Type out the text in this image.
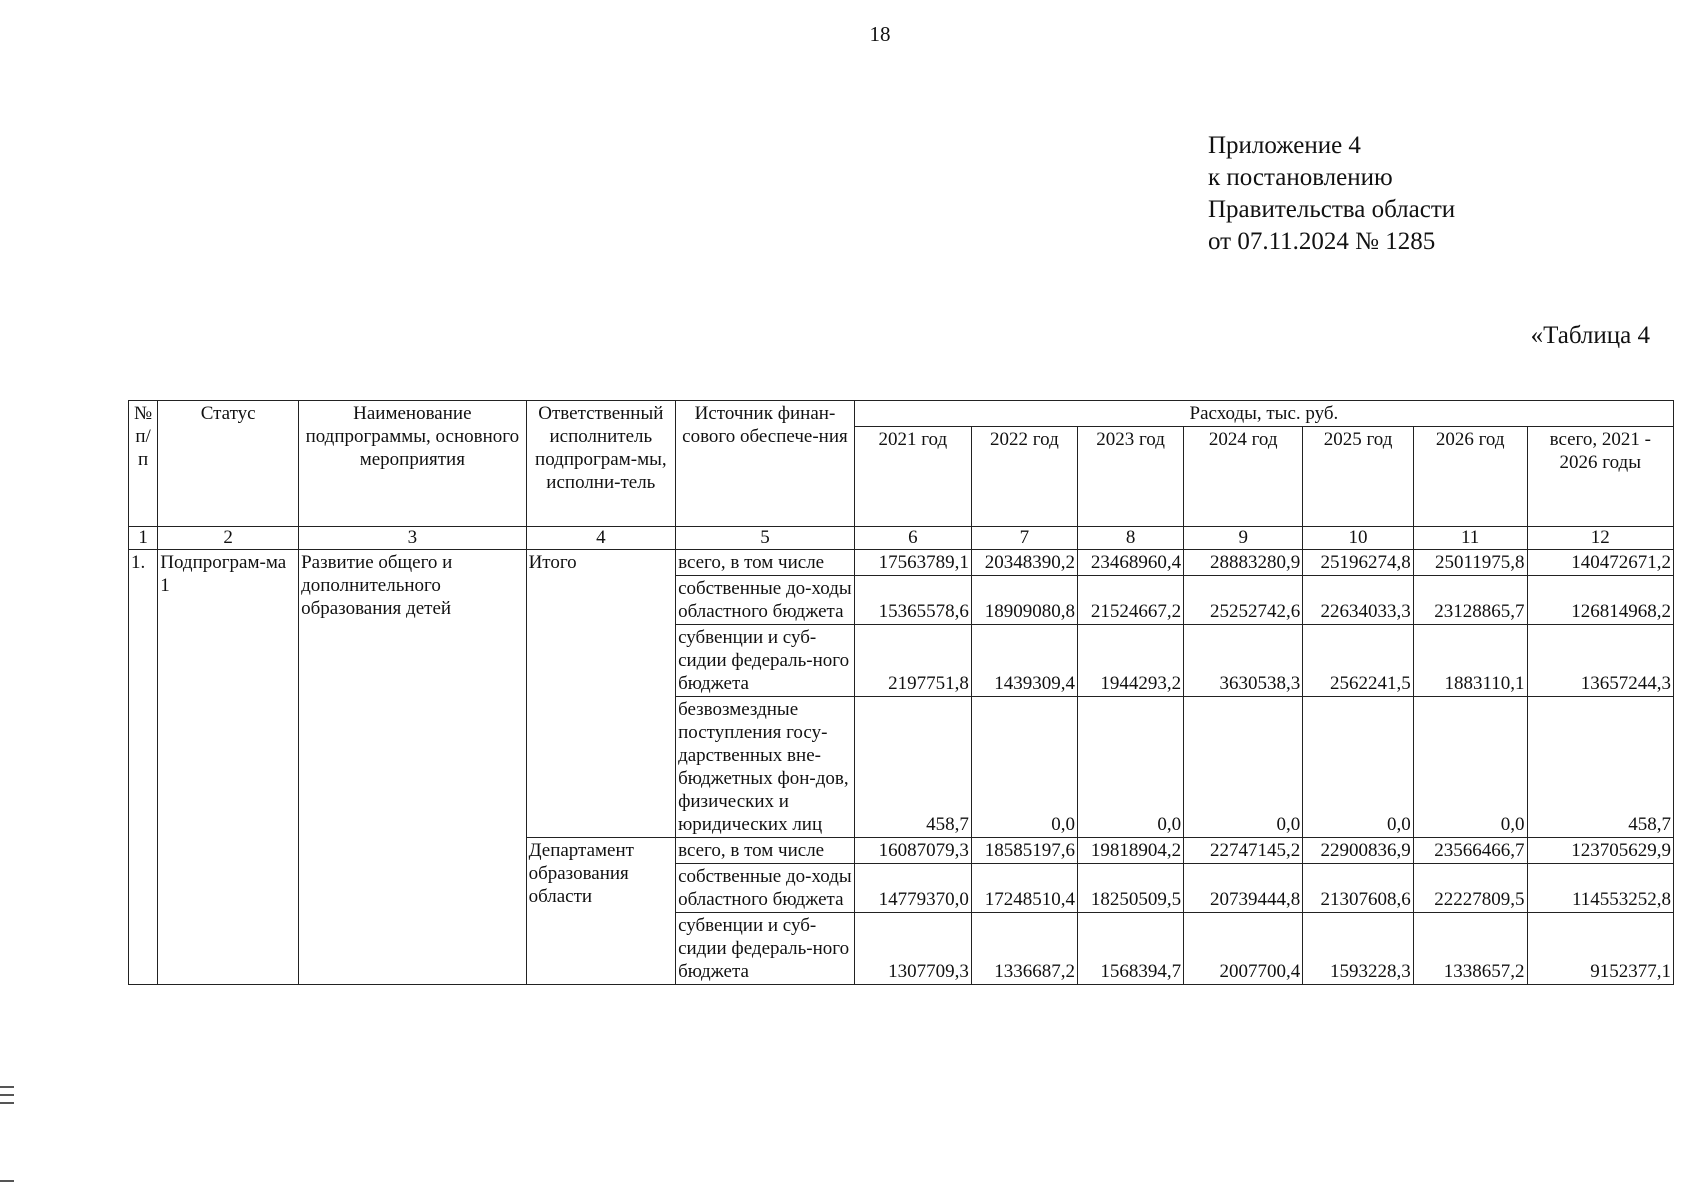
18
Приложение 4
к постановлению
Правительства области
от 07.11.2024 № 1285
«Таблица 4
№ п/п	Статус	Наименование подпрограммы, основного мероприятия	Ответственный исполнитель подпрограм-мы, исполни-тель	Источник финан-сового обеспече-ния	Расходы, тыс. руб.						
					2021 год	2022 год	2023 год	2024 год	2025 год	2026 год	всего, 2021 - 2026 годы
1	2	3	4	5	6	7	8	9	10	11	12
1.	Подпрограм-ма 1	Развитие общего и дополнительного образования детей	Итого	всего, в том числе	17563789,1	20348390,2	23468960,4	28883280,9	25196274,8	25011975,8	140472671,2
				собственные до-ходы областного бюджета	15365578,6	18909080,8	21524667,2	25252742,6	22634033,3	23128865,7	126814968,2
				субвенции и суб-сидии федераль-ного бюджета	2197751,8	1439309,4	1944293,2	3630538,3	2562241,5	1883110,1	13657244,3
				безвозмездные поступления госу-дарственных вне-бюджетных фон-дов, физических и юридических лиц	458,7	0,0	0,0	0,0	0,0	0,0	458,7
			Департамент образования области	всего, в том числе	16087079,3	18585197,6	19818904,2	22747145,2	22900836,9	23566466,7	123705629,9
				собственные до-ходы областного бюджета	14779370,0	17248510,4	18250509,5	20739444,8	21307608,6	22227809,5	114553252,8
				субвенции и суб-сидии федераль-ного бюджета	1307709,3	1336687,2	1568394,7	2007700,4	1593228,3	1338657,2	9152377,1
